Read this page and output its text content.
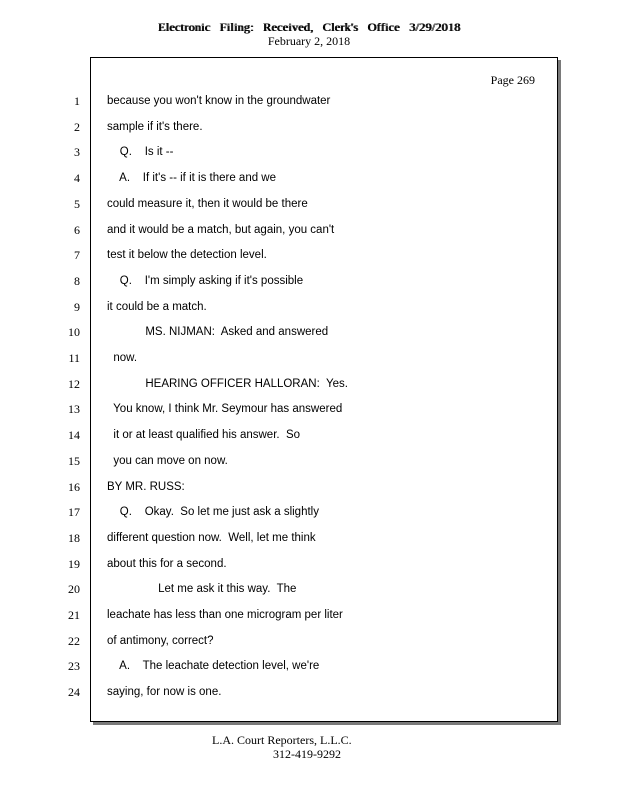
Electronic Filing: Received, Clerk's Office 3/29/2018
February 2, 2018
Page 269
1 because you won't know in the groundwater
2 sample if it's there.
3 Q.    Is it --
4 A.    If it's -- if it is there and we
5 could measure it, then it would be there
6 and it would be a match, but again, you can't
7 test it below the detection level.
8 Q.    I'm simply asking if it's possible
9 it could be a match.
10 MS. NIJMAN:  Asked and answered
11 now.
12 HEARING OFFICER HALLORAN:  Yes.
13 You know, I think Mr. Seymour has answered
14 it or at least qualified his answer.  So
15 you can move on now.
16 BY MR. RUSS:
17 Q.    Okay.  So let me just ask a slightly
18 different question now.  Well, let me think
19 about this for a second.
20 Let me ask it this way.  The
21 leachate has less than one microgram per liter
22 of antimony, correct?
23 A.    The leachate detection level, we're
24 saying, for now is one.
L.A. Court Reporters, L.L.C.
312-419-9292
